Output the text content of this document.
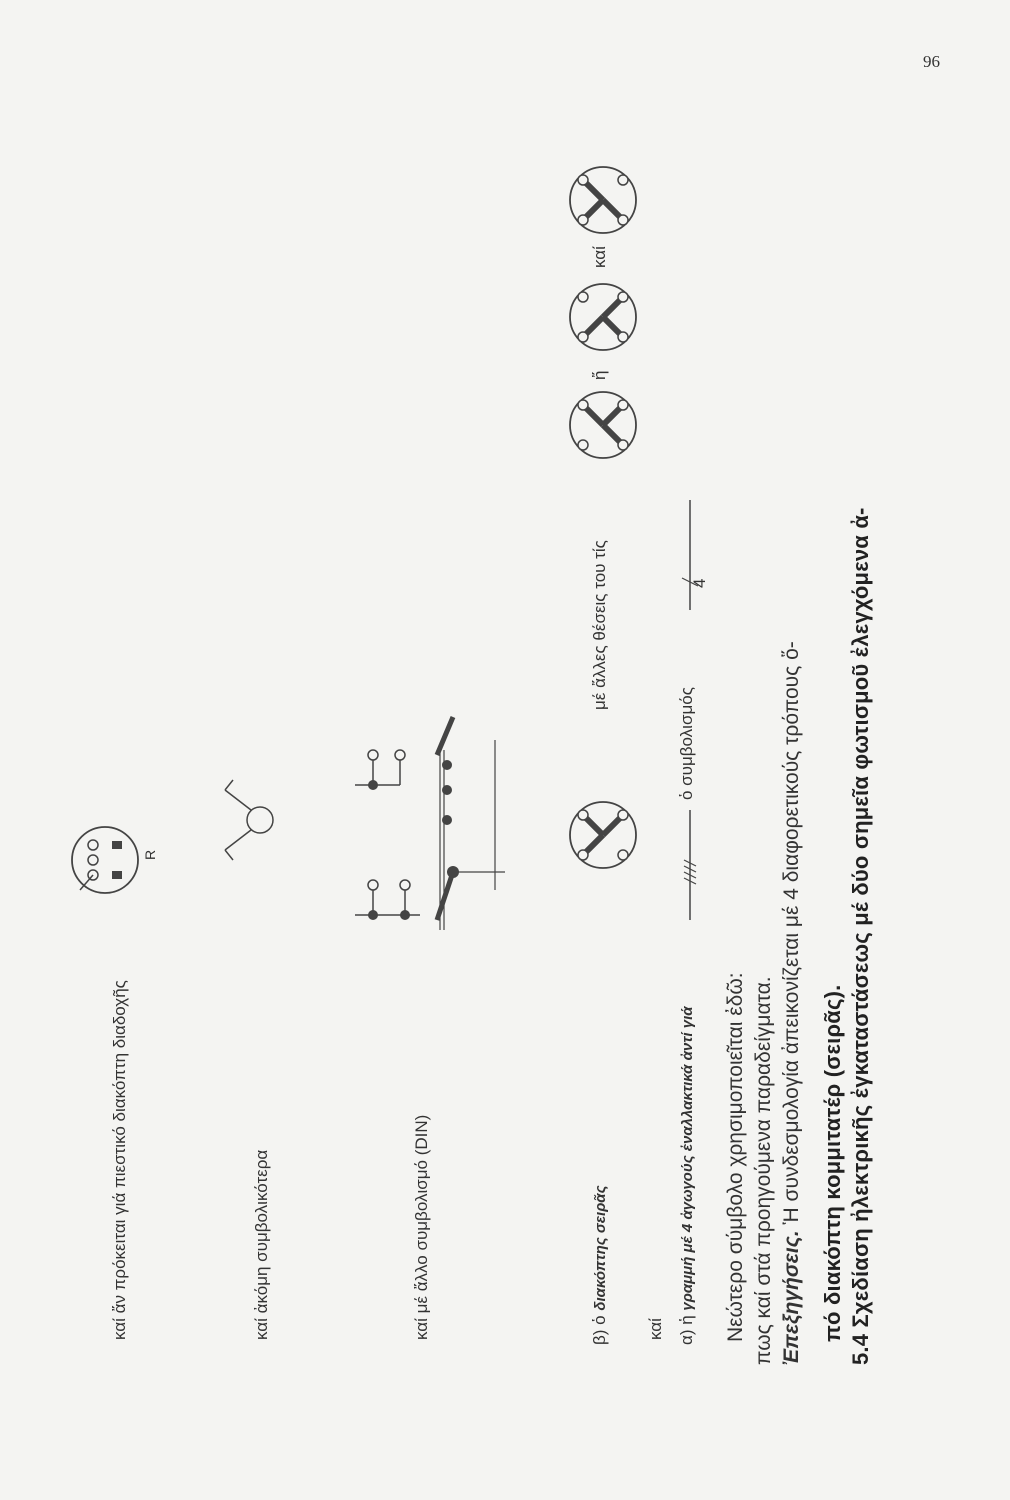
96
5.4 Σχεδίαση ἠλεκτρικῆς ἐγκαταστάσεως μέ δύο σημεῖα φωτισμοῦ ἐλεγχόμενα ἀ-
πό διακόπτη κομμιτατέρ (σειρᾶς).
Ἐπεξηγήσεις. Ἡ συνδεσμολογία ἀπεικονίζεται μέ 4 διαφορετικούς τρόπους ὅ-
πως καί στά προηγούμενα παραδείγματα.
Νεώτερο σύμβολο χρησιμοποιεῖται ἐδῶ:
α) ἡ γραμμή μέ 4 ἀγωγούς ἐναλλακτικά ἀντί γιά
ὁ συμβολισμός
4
καί
β) ὁ διακόπτης σειρᾶς
μέ ἄλλες θέσεις του τίς
ἤ
καί
καί μέ ἄλλο συμβολισμό (DIN)
καί ἀκόμη συμβολικότερα
καί ἄν πρόκειται γιά πιεστικό διακόπτη διαδοχῆς
R
